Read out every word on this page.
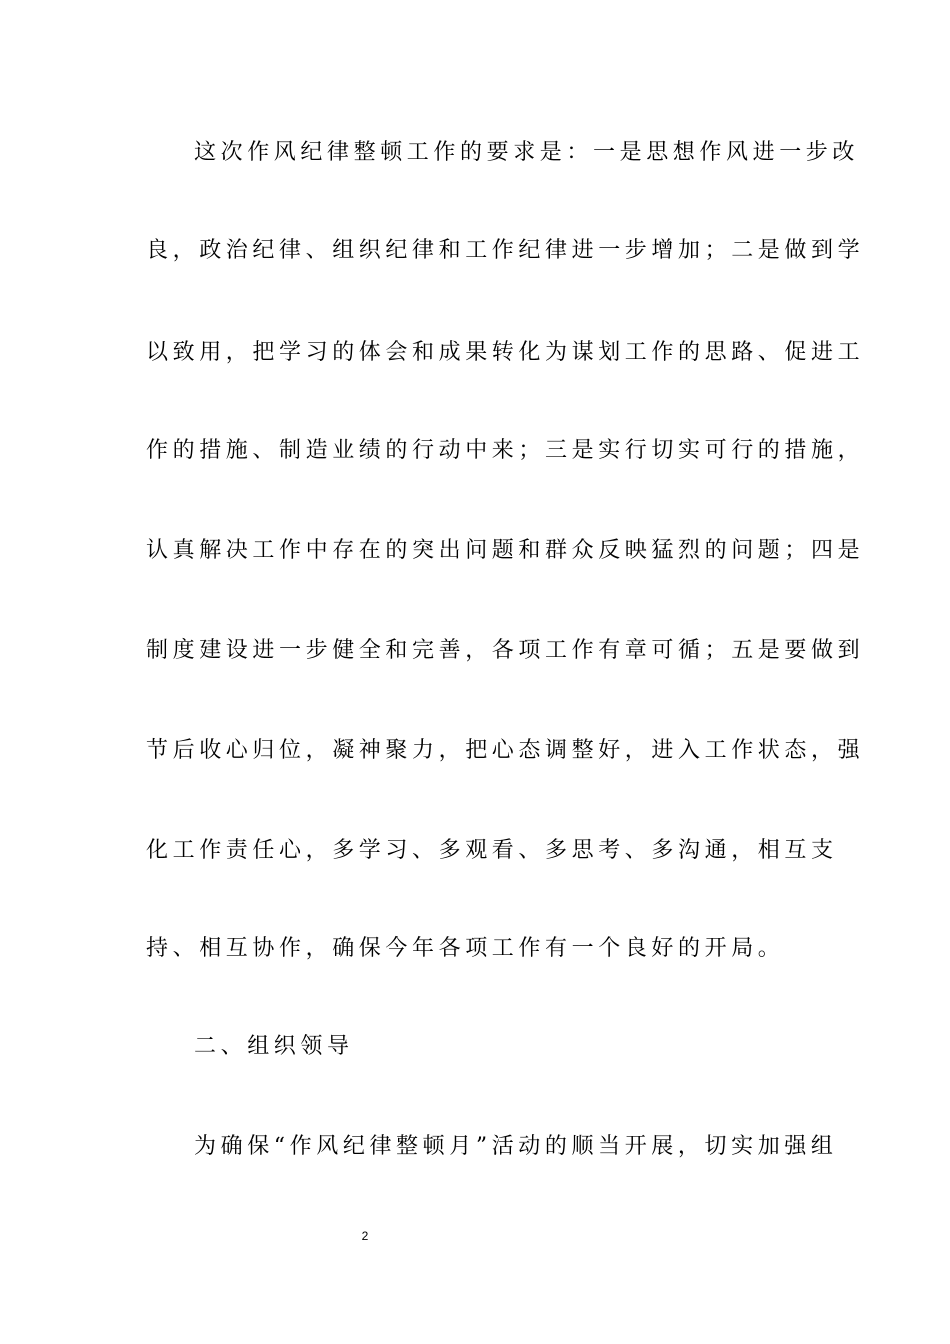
这次作风纪律整顿工作的要求是：一是思想作风进一步改
良，政治纪律、组织纪律和工作纪律进一步增加；二是做到学
以致用，把学习的体会和成果转化为谋划工作的思路、促进工
作的措施、制造业绩的行动中来；三是实行切实可行的措施，
认真解决工作中存在的突出问题和群众反映猛烈的问题；四是
制度建设进一步健全和完善，各项工作有章可循；五是要做到
节后收心归位，凝神聚力，把心态调整好，进入工作状态，强
化工作责任心，多学习、多观看、多思考、多沟通，相互支
持、相互协作，确保今年各项工作有一个良好的开局。
二、组织领导
为确保“作风纪律整顿月”活动的顺当开展，切实加强组
2
